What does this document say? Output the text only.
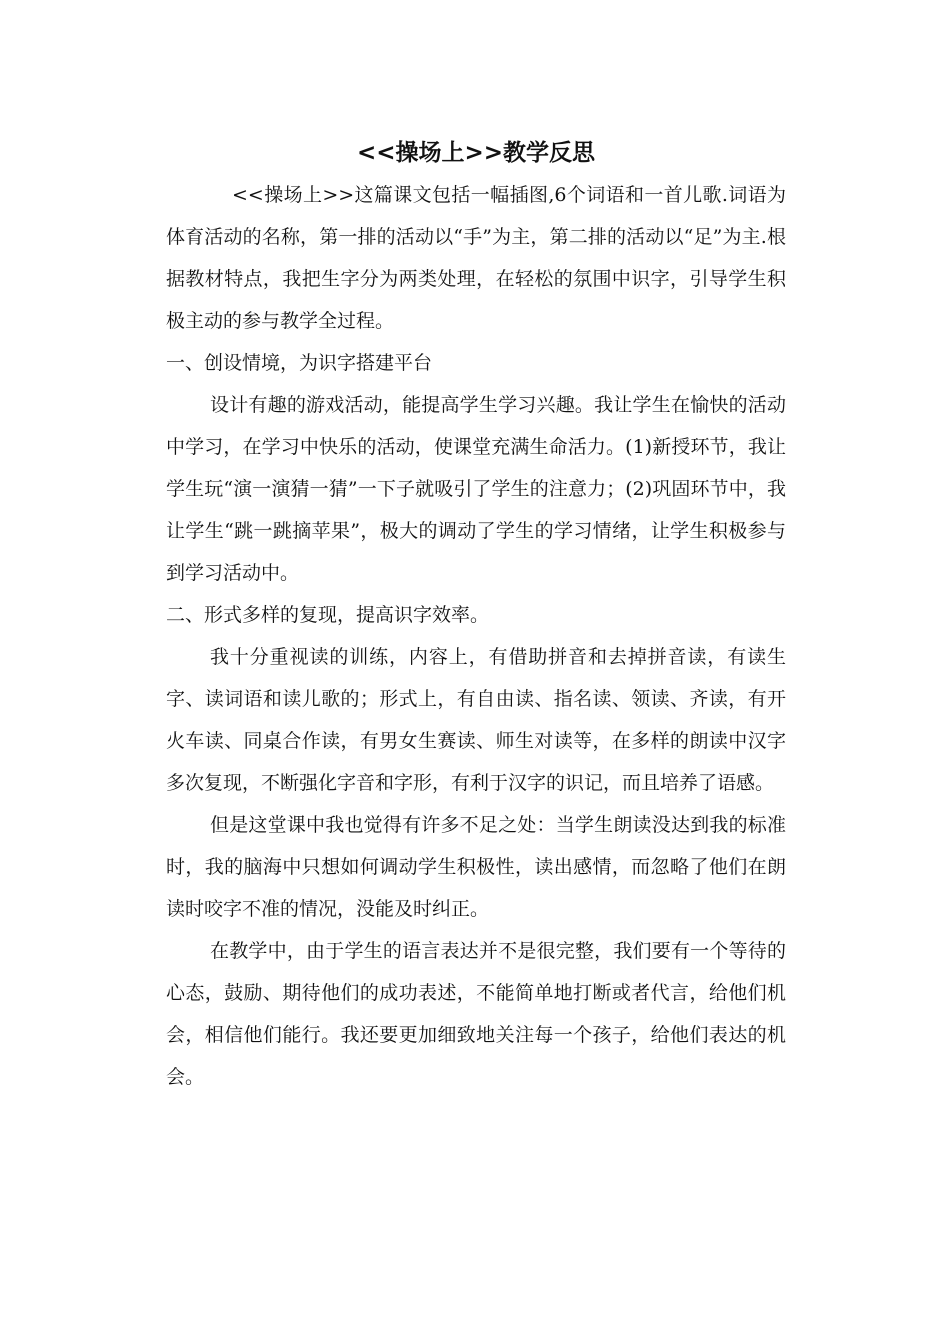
<<操场上>>教学反思

<<操场上>>这篇课文包括一幅插图,6个词语和一首儿歌.词语为体育活动的名称，第一排的活动以“手”为主，第二排的活动以“足”为主.根据教材特点，我把生字分为两类处理，在轻松的氛围中识字，引导学生积极主动的参与教学全过程。

一、创设情境，为识字搭建平台

设计有趣的游戏活动，能提高学生学习兴趣。我让学生在愉快的活动中学习，在学习中快乐的活动，使课堂充满生命活力。(1)新授环节，我让学生玩“演一演猜一猜”一下子就吸引了学生的注意力；(2)巩固环节中，我让学生“跳一跳摘苹果”，极大的调动了学生的学习情绪，让学生积极参与到学习活动中。

二、形式多样的复现，提高识字效率。

我十分重视读的训练，内容上，有借助拼音和去掉拼音读，有读生字、读词语和读儿歌的；形式上，有自由读、指名读、领读、齐读，有开火车读、同桌合作读，有男女生赛读、师生对读等，在多样的朗读中汉字多次复现，不断强化字音和字形，有利于汉字的识记，而且培养了语感。

但是这堂课中我也觉得有许多不足之处：当学生朗读没达到我的标准时，我的脑海中只想如何调动学生积极性，读出感情，而忽略了他们在朗读时咬字不准的情况，没能及时纠正。

在教学中，由于学生的语言表达并不是很完整，我们要有一个等待的心态，鼓励、期待他们的成功表述，不能简单地打断或者代言，给他们机会，相信他们能行。我还要更加细致地关注每一个孩子，给他们表达的机会。
